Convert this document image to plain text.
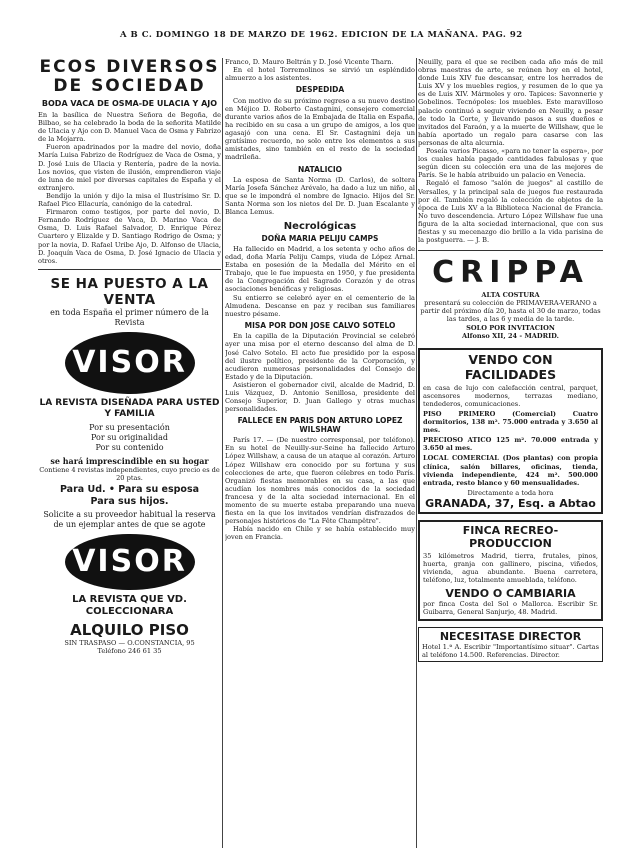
A B C. DOMINGO 18 DE MARZO DE 1962. EDICION DE LA MAÑANA. PAG. 92
ECOS DIVERSOS DE SOCIEDAD
BODA VACA DE OSMA-DE ULACIA Y AJO

En la basílica de Nuestra Señora de Begoña, de Bilbao, se ha celebrado la boda de la señorita Matilde de Ulacia y Ajo con D. Manuel Vaca de Osma y Fabrizo de la Mojarra.

Fueron apadrinados por la madre del novio, doña María Luisa Fabrizo de Rodríguez de Vaca de Osma, y D. José Luis de Ulacia y Rentería, padre de la novia. Los novios, que visten de ilusión, emprendieron viaje de luna de miel por diversas capitales de España y el extranjero.

Bendijo la unión y dijo la misa el Ilustrísimo Sr. D. Rafael Pico Ellacuría, canónigo de la catedral.

Firmaron como testigos, por parte del novio, D. Fernando Rodríguez de Vaca, D. Marino Vaca de Osma, D. Luis Rafael Salvador, D. Enrique Pérez Cuartero y Elizalde y D. Santiago Rodrigo de Osma; y por la novia, D. Rafael Uribe Ajo, D. Alfonso de Ulacia, D. Joaquín Vaca de Osma, D. José Ignacio de Ulacia y otros.

SE HA PUESTO A LA VENTA
en toda España el primer número de la Revista
VISOR
LA REVISTA DISEÑADA PARA USTED Y FAMILIA
Por su presentación
Por su originalidad
Por su contenido
se hará imprescindible en su hogar
Contiene 4 revistas independientes, cuyo precio es de 20 ptas.
Para Ud. • Para su esposa
Para sus hijos.
Solicite a su proveedor habitual la reserva de un ejemplar antes de que se agote
VISOR
LA REVISTA QUE VD. COLECCIONARA
ALQUILO PISO
SIN TRASPASO — O.CONSTANCIA, 95
Teléfono 246 61 35

Franco, D. Mauro Beltrán y D. José Vicente Tharn.

En el hotel Torremolinos se sirvió un espléndido almuerzo a los asistentes.

DESPEDIDA

Con motivo de su próximo regreso a su nuevo destino en Méjico D. Roberto Castagnini, consejero comercial durante varios años de la Embajada de Italia en España, ha recibido en su casa a un grupo de amigos, a los que agasajó con una cena. El Sr. Castagnini deja un gratísimo recuerdo, no solo entre los elementos a sus amistades, sino también en el resto de la sociedad madrileña.

NATALICIO

La esposa de Santa Norma (D. Carlos), de soltera María Josefa Sánchez Arévalo, ha dado a luz un niño, al que se le impondrá el nombre de Ignacio. Hijos del Sr. Santa Norma son los nietos del Dr. D. Juan Escalante y Blanca Lemus.

Necrológicas
DOÑA MARIA PELIJU CAMPS

Ha fallecido en Madrid, a los setenta y ocho años de edad, doña María Peliju Camps, viuda de López Arnal. Estaba en posesión de la Medalla del Mérito en el Trabajo, que le fue impuesta en 1950, y fue presidenta de la Congregación del Sagrado Corazón y de otras asociaciones benéficas y religiosas.

Su entierro se celebró ayer en el cementerio de la Almudena. Descanse en paz y reciban sus familiares nuestro pésame.

MISA POR DON JOSE CALVO SOTELO

En la capilla de la Diputación Provincial se celebró ayer una misa por el eterno descanso del alma de D. José Calvo Sotelo. El acto fue presidido por la esposa del ilustre político, presidente de la Corporación, y acudieron numerosas personalidades del Consejo de Estado y de la Diputación.

Asistieron el gobernador civil, alcalde de Madrid, D. Luis Vázquez, D. Antonio Senillosa, presidente del Consejo Superior, D. Juan Gallego y otras muchas personalidades.

FALLECE EN PARIS DON ARTURO LOPEZ WILSHAW

París 17. — (De nuestro corresponsal, por teléfono). En su hotel de Neuilly-sur-Seine ha fallecido Arturo López Willshaw, a causa de un ataque al corazón. Arturo López Willshaw era conocido por su fortuna y sus colecciones de arte, que fueron célebres en todo París. Organizó fiestas memorables en su casa, a las que acudían los nombres más conocidos de la sociedad francesa y de la alta sociedad internacional. En el momento de su muerte estaba preparando una nueva fiesta en la que los invitados vendrían disfrazados de personajes históricos de "La Fête Champêtre".

Había nacido en Chile y se había establecido muy joven en Francia.

Neuilly, para el que se reciben cada año más de mil obras maestras de arte, se reúnen hoy en el hotel, donde Luis XIV fue descansar, entre los herrados de Luis XV y los muebles regios, y resumen de lo que ya es de Luis XIV. Mármoles y oro. Tapices: Savonnerie y Gobelinos. Tecnópoles: los muebles. Este maravilloso palacio continuó a seguir viviendo en Neuilly, a pesar de todo la Corte, y llevando pasos a sus dueños e invitados del Faraón, y a la muerte de Willshaw, que le había aportado un regalo para casarse con las personas de alta alcurnia.

Poseía varios Picasso, «para no tener la espera», por los cuales había pagado cantidades fabulosas y que según dicen su colección era una de las mejores de París. Se le había atribuido un palacio en Venecia.

Regaló el famoso "salón de juegos" al castillo de Versalles, y la principal sala de juegos fue restaurada por él. También regaló la colección de objetos de la época de Luis XV a la Biblioteca Nacional de Francia. No tuvo descendencia. Arturo López Willshaw fue una figura de la alta sociedad internacional, que con sus fiestas y su mecenazgo dio brillo a la vida parisina de la postguerra. — J. B.

CRIPPA
ALTA COSTURA

presentará su colección de PRIMAVERA-VERANO a partir del próximo día 20, hasta el 30 de marzo, todas las tardes, a las 6 y media de la tarde.

SOLO POR INVITACION
Alfonso XII, 24 - MADRID.
VENDO CON FACILIDADES

en casa de lujo con calefacción central, parquet, ascensores modernos, terrazas mediano, tendederos, comunicaciones.

PISO PRIMERO (Comercial) Cuatro dormitorios, 138 m². 75.000 entrada y 3.650 al mes.

PRECIOSO ATICO 125 m². 70.000 entrada y 3.650 al mes.

LOCAL COMERCIAL (Dos plantas) con propia clínica, salón billares, oficinas, tienda, vivienda independiente, 424 m². 500.000 entrada, resto blanco y 60 mensualidades.

Directamente a toda hora
GRANADA, 37, Esq. a Abtao
FINCA RECREO-PRODUCCION

35 kilómetros Madrid, tierra, frutales, pinos, huerta, granja con gallinero, piscina, viñedos, vivienda, agua abundante. Buena carretera, teléfono, luz, totalmente amueblada, teléfono.

VENDO O CAMBIARIA

por finca Costa del Sol o Mallorca. Escribir Sr. Guibarra, General Sanjurjo, 48. Madrid.

NECESITASE DIRECTOR

Hotel 1.ª A. Escribir "Importantísimo situar". Cartas al teléfono 14.500. Referencias. Director.
